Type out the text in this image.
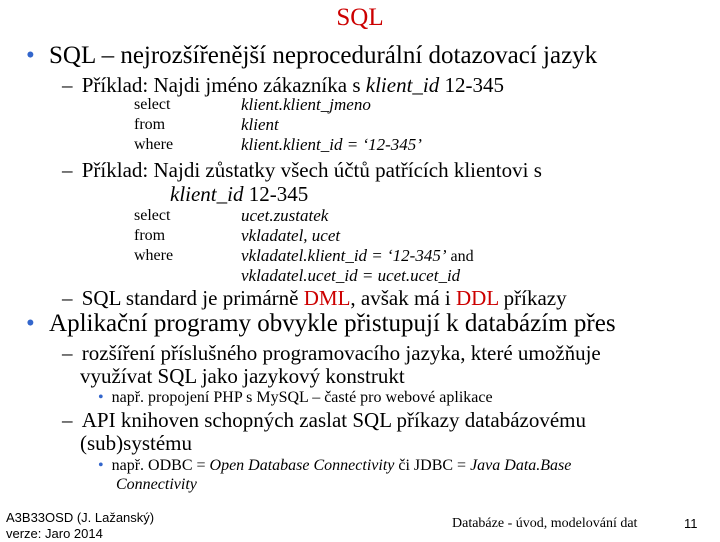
SQL
• SQL – nejrozšířenější neprocedurální dotazovací jazyk
– Příklad: Najdi jméno zákazníka s klient_id 12-345
select	klient.klient_jmeno
from	klient
where	klient.klient_id = ‘12-345’
– Příklad: Najdi zůstatky všech účtů patřících klientovi s
klient_id 12-345
select	ucet.zustatek
from	vkladatel, ucet
where	vkladatel.klient_id = ‘12-345’ and
vkladatel.ucet_id = ucet.ucet_id
– SQL standard je primárně DML, avšak má i DDL příkazy
• Aplikační programy obvykle přistupují k databázím přes
– rozšíření příslušného programovacího jazyka, které umožňuje
využívat SQL jako jazykový konstrukt
• např. propojení PHP s MySQL – časté pro webové aplikace
– API knihoven schopných zaslat SQL příkazy databázovému
(sub)systému
• např. ODBC = Open Database Connectivity či JDBC = Java Data.Base
Connectivity
A3B33OSD (J. Lažanský)
verze: Jaro 2014
Databáze - úvod, modelování dat	11
